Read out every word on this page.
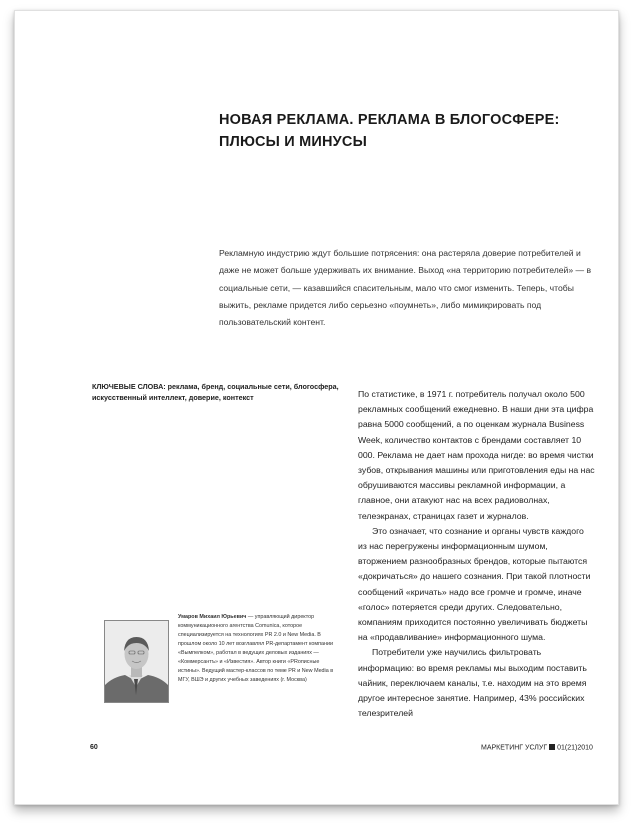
НОВАЯ РЕКЛАМА. РЕКЛАМА В БЛОГОСФЕРЕ: ПЛЮСЫ И МИНУСЫ

Рекламную индустрию ждут большие потрясения: она растеряла доверие потребителей и даже не может больше удерживать их внимание. Выход «на территорию потребителей» — в социальные сети, — казавшийся спасительным, мало что смог изменить. Теперь, чтобы выжить, рекламе придется либо серьезно «поумнеть», либо мимикрировать под пользовательский контент.

КЛЮЧЕВЫЕ СЛОВА: реклама, бренд, социальные сети, блогосфера, искусственный интеллект, доверие, контекст

Умаров Михаил Юрьевич — управляющий директор коммуникационного агентства Comunica, которое специализируется на технологиях PR 2.0 и New Media. В прошлом около 10 лет возглавлял PR-департамент компании «Вымпелком», работал в ведущих деловых изданиях — «Коммерсантъ» и «Известия». Автор книги «PRописные истины». Ведущий мастер-классов по теме PR и New Media в МГУ, ВШЭ и других учебных заведениях (г. Москва)

По статистике, в 1971 г. потребитель получал около 500 рекламных сообщений ежедневно. В наши дни эта цифра равна 5000 сообщений, а по оценкам журнала Business Week, количество контактов с брендами составляет 10 000. Реклама не дает нам прохода нигде: во время чистки зубов, открывания машины или приготовления еды на нас обрушиваются массивы рекламной информации, а главное, они атакуют нас на всех радиоволнах, телеэкранах, страницах газет и журналов.

Это означает, что сознание и органы чувств каждого из нас перегружены информационным шумом, вторжением разнообразных брендов, которые пытаются «докричаться» до нашего сознания. При такой плотности сообщений «кричать» надо все громче и громче, иначе «голос» потеряется среди других. Следовательно, компаниям приходится постоянно увеличивать бюджеты на «продавливание» информационного шума.

Потребители уже научились фильтровать информацию: во время рекламы мы выходим поставить чайник, переключаем каналы, т.е. находим на это время другое интересное занятие. Например, 43% российских телезрителей

60	МАРКЕТИНГ УСЛУГ 01(21)2010
